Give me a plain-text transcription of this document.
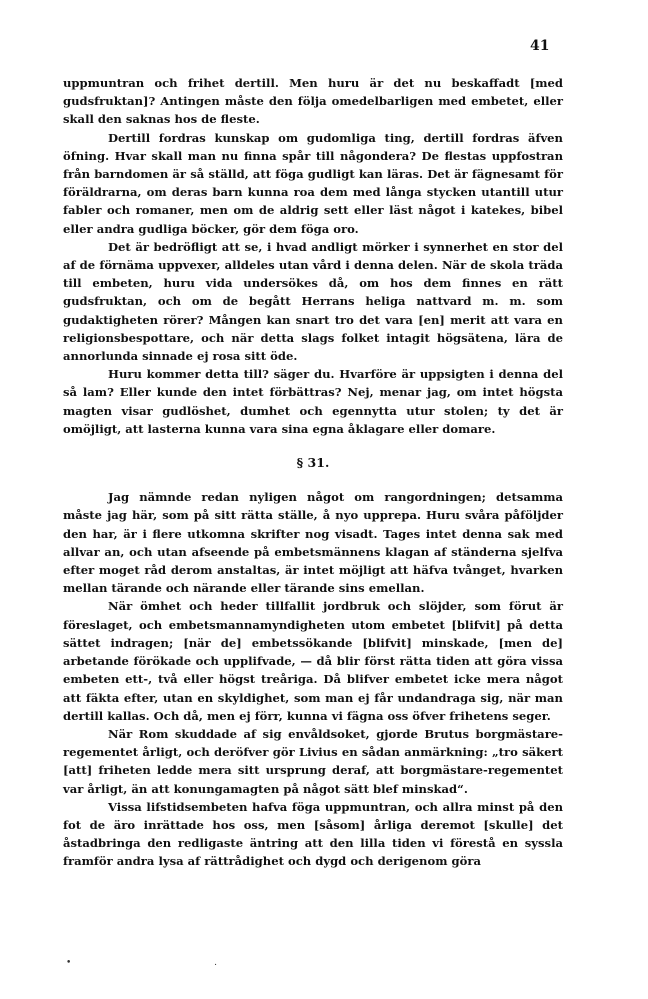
41

uppmuntran och frihet dertill. Men huru är det nu beskaffadt [med gudsfruktan]? Antingen måste den följa omedelbarligen med embetet, eller skall den saknas hos de fleste.

Dertill fordras kunskap om gudomliga ting, dertill fordras äfven öfning. Hvar skall man nu finna spår till någondera? De flestas uppfostran från barndomen är så ställd, att föga gudligt kan läras. Det är fägnesamt för föräldrarna, om deras barn kunna roa dem med långa stycken utantill utur fabler och romaner, men om de aldrig sett eller läst något i katekes, bibel eller andra gudliga böcker, gör dem föga oro.

Det är bedröfligt att se, i hvad andligt mörker i synnerhet en stor del af de förnäma uppvexer, alldeles utan vård i denna delen. När de skola träda till embeten, huru vida undersökes då, om hos dem finnes en rätt gudsfruktan, och om de begått Herrans heliga nattvard m. m. som gudaktigheten rörer? Mången kan snart tro det vara [en] merit att vara en religionsbespottare, och när detta slags folket intagit högsätena, lära de annorlunda sinnade ej rosa sitt öde.

Huru kommer detta till? säger du. Hvarföre är uppsigten i denna del så lam? Eller kunde den intet förbättras? Nej, menar jag, om intet högsta magten visar gudlöshet, dumhet och egennytta utur stolen; ty det är omöjligt, att lasterna kunna vara sina egna åklagare eller domare.

§ 31.

Jag nämnde redan nyligen något om rangordningen; detsamma måste jag här, som på sitt rätta ställe, å nyo upprepa. Huru svåra påföljder den har, är i flere utkomna skrifter nog visadt. Tages intet denna sak med allvar an, och utan afseende på embetsmännens klagan af ständerna sjelfva efter moget råd derom anstaltas, är intet möjligt att häfva tvånget, hvarken mellan tärande och närande eller tärande sins emellan.

När ömhet och heder tillfallit jordbruk och slöjder, som förut är föreslaget, och embetsmannamyndigheten utom embetet [blifvit] på detta sättet indragen; [när de] embetssökande [blifvit] minskade, [men de] arbetande förökade och upplifvade, — då blir först rätta tiden att göra vissa embeten ett-, två eller högst treåriga. Då blifver embetet icke mera något att fäkta efter, utan en skyldighet, som man ej får undandraga sig, när man dertill kallas. Och då, men ej förr, kunna vi fägna oss öfver frihetens seger.

När Rom skuddade af sig envåldsoket, gjorde Brutus borgmästare-regementet årligt, och deröfver gör Livius en sådan anmärkning: „tro säkert [att] friheten ledde mera sitt ursprung deraf, att borgmästare-regementet var årligt, än att konungamagten på något sätt blef minskad“.

Vissa lifstidsembeten hafva föga uppmuntran, och allra minst på den fot de äro inrättade hos oss, men [såsom] årliga deremot [skulle] det åstadbringa den redligaste äntring att den lilla tiden vi förestå en syssla framför andra lysa af rättrådighet och dygd och derigenom göra

• .
